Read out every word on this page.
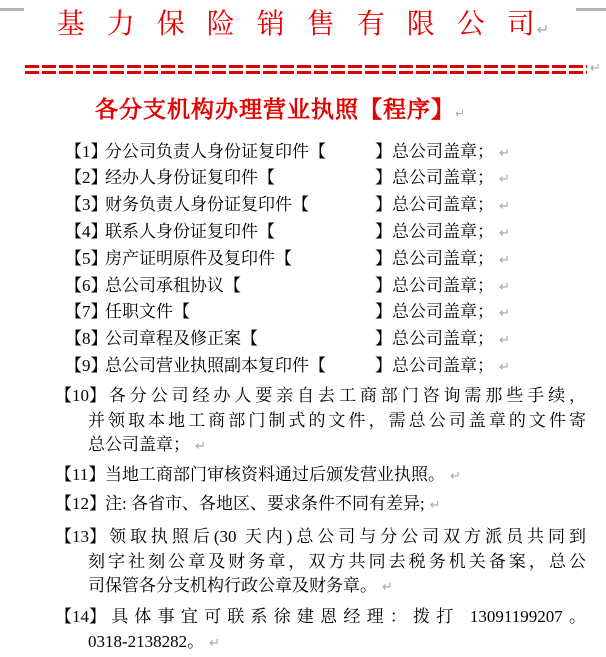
基 力 保 险 销 售 有 限 公 司↵
↵
各分支机构办理营业执照【程序】↵
【1】分公司负责人身份证复印件【	】总公司盖章； ↵
【2】经办人身份证复印件【	】总公司盖章； ↵
【3】财务负责人身份证复印件【	】总公司盖章； ↵
【4】联系人身份证复印件【	】总公司盖章； ↵
【5】房产证明原件及复印件【	】总公司盖章； ↵
【6】总公司承租协议【	】总公司盖章； ↵
【7】任职文件【	】总公司盖章； ↵
【8】公司章程及修正案【	】总公司盖章； ↵
【9】总公司营业执照副本复印件【	】总公司盖章； ↵
【10】各分公司经办人要亲自去工商部门咨询需那些手续，
并领取本地工商部门制式的文件，需总公司盖章的文件寄
总公司盖章； ↵
【11】当地工商部门审核资料通过后颁发营业执照。 ↵
【12】注: 各省市、各地区、要求条件不同有差异; ↵
【13】领取执照后(30 天内)总公司与分公司双方派员共同到
刻字社刻公章及财务章，双方共同去税务机关备案，总公
司保管各分支机构行政公章及财务章。 ↵
【14】具体事宜可联系徐建恩经理：拨打 13091199207。
0318-2138282。 ↵
